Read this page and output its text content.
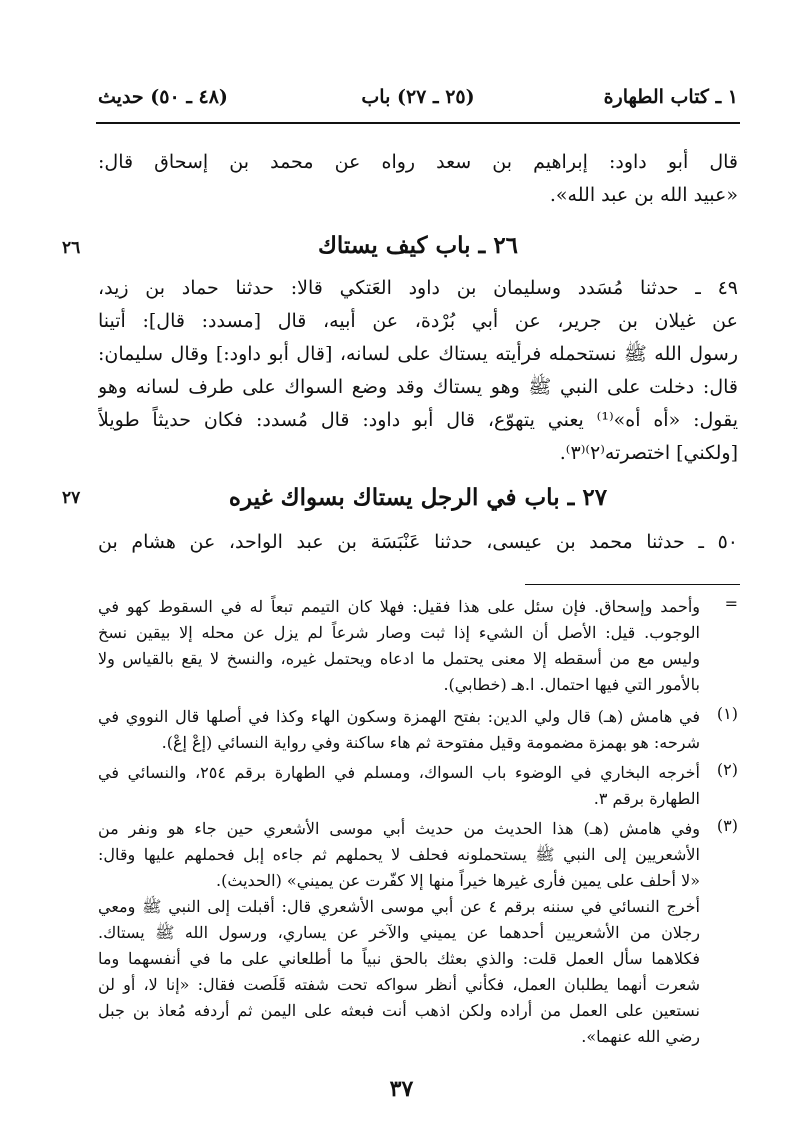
١ ـ كتاب الطهارة
(٢٥ ـ ٢٧) باب
(٤٨ ـ ٥٠) حديث
قال أبو داود: إبراهيم بن سعد رواه عن محمد بن إسحاق قال:
«عبيد الله بن عبد الله».
٢٦	٢٦ ـ باب كيف يستاك
٤٩ ـ حدثنا مُسَدد وسليمان بن داود العَتكي قالا: حدثنا حماد بن زيد،
عن غيلان بن جرير، عن أبي بُرْدة، عن أبيه، قال [مسدد: قال]: أتينا
رسول الله ﷺ نستحمله فرأيته يستاك على لسانه، [قال أبو داود:] وقال سليمان:
قال: دخلت على النبي ﷺ وهو يستاك وقد وضع السواك على طرف لسانه وهو
يقول: «أه أه»⁽¹⁾ يعني يتهوّع، قال أبو داود: قال مُسدد: فكان حديثاً طويلاً
[ولكني] اختصرته⁽٢⁾⁽٣⁾.
٢٧	٢٧ ـ باب في الرجل يستاك بسواك غيره
٥٠ ـ حدثنا محمد بن عيسى، حدثنا عَنْبَسَة بن عبد الواحد، عن هشام بن
=
وأحمد وإسحاق. فإن سئل على هذا فقيل: فهلا كان التيمم تبعاً له في السقوط كهو في
الوجوب. قيل: الأصل أن الشيء إذا ثبت وصار شرعاً لم يزل عن محله إلا بيقين نسخ
وليس مع من أسقطه إلا معنى يحتمل ما ادعاه ويحتمل غيره، والنسخ لا يقع بالقياس ولا
بالأمور التي فيها احتمال. ا.هـ (خطابي).
(١)
في هامش (هـ) قال ولي الدين: بفتح الهمزة وسكون الهاء وكذا في أصلها قال النووي في
شرحه: هو بهمزة مضمومة وقيل مفتوحة ثم هاء ساكنة وفي رواية النسائي (إعْ إعْ).
(٢)
أخرجه البخاري في الوضوء باب السواك، ومسلم في الطهارة برقم ٢٥٤، والنسائي في
الطهارة برقم ٣.
(٣)
وفي هامش (هـ) هذا الحديث من حديث أبي موسى الأشعري حين جاء هو ونفر من
الأشعريين إلى النبي ﷺ يستحملونه فحلف لا يحملهم ثم جاءه إبل فحملهم عليها وقال:
«لا أحلف على يمين فأرى غيرها خيراً منها إلا كفّرت عن يميني» (الحديث).
أخرج النسائي في سننه برقم ٤ عن أبي موسى الأشعري قال: أقبلت إلى النبي ﷺ ومعي
رجلان من الأشعريين أحدهما عن يميني والآخر عن يساري، ورسول الله ﷺ يستاك.
فكلاهما سأل العمل قلت: والذي بعثك بالحق نبياً ما أطلعاني على ما في أنفسهما وما
شعرت أنهما يطلبان العمل، فكأني أنظر سواكه تحت شفته قَلَصت فقال: «إنا لا، أو لن
نستعين على العمل من أراده ولكن اذهب أنت فبعثه على اليمن ثم أردفه مُعاذ بن جبل
رضي الله عنهما».
٣٧
